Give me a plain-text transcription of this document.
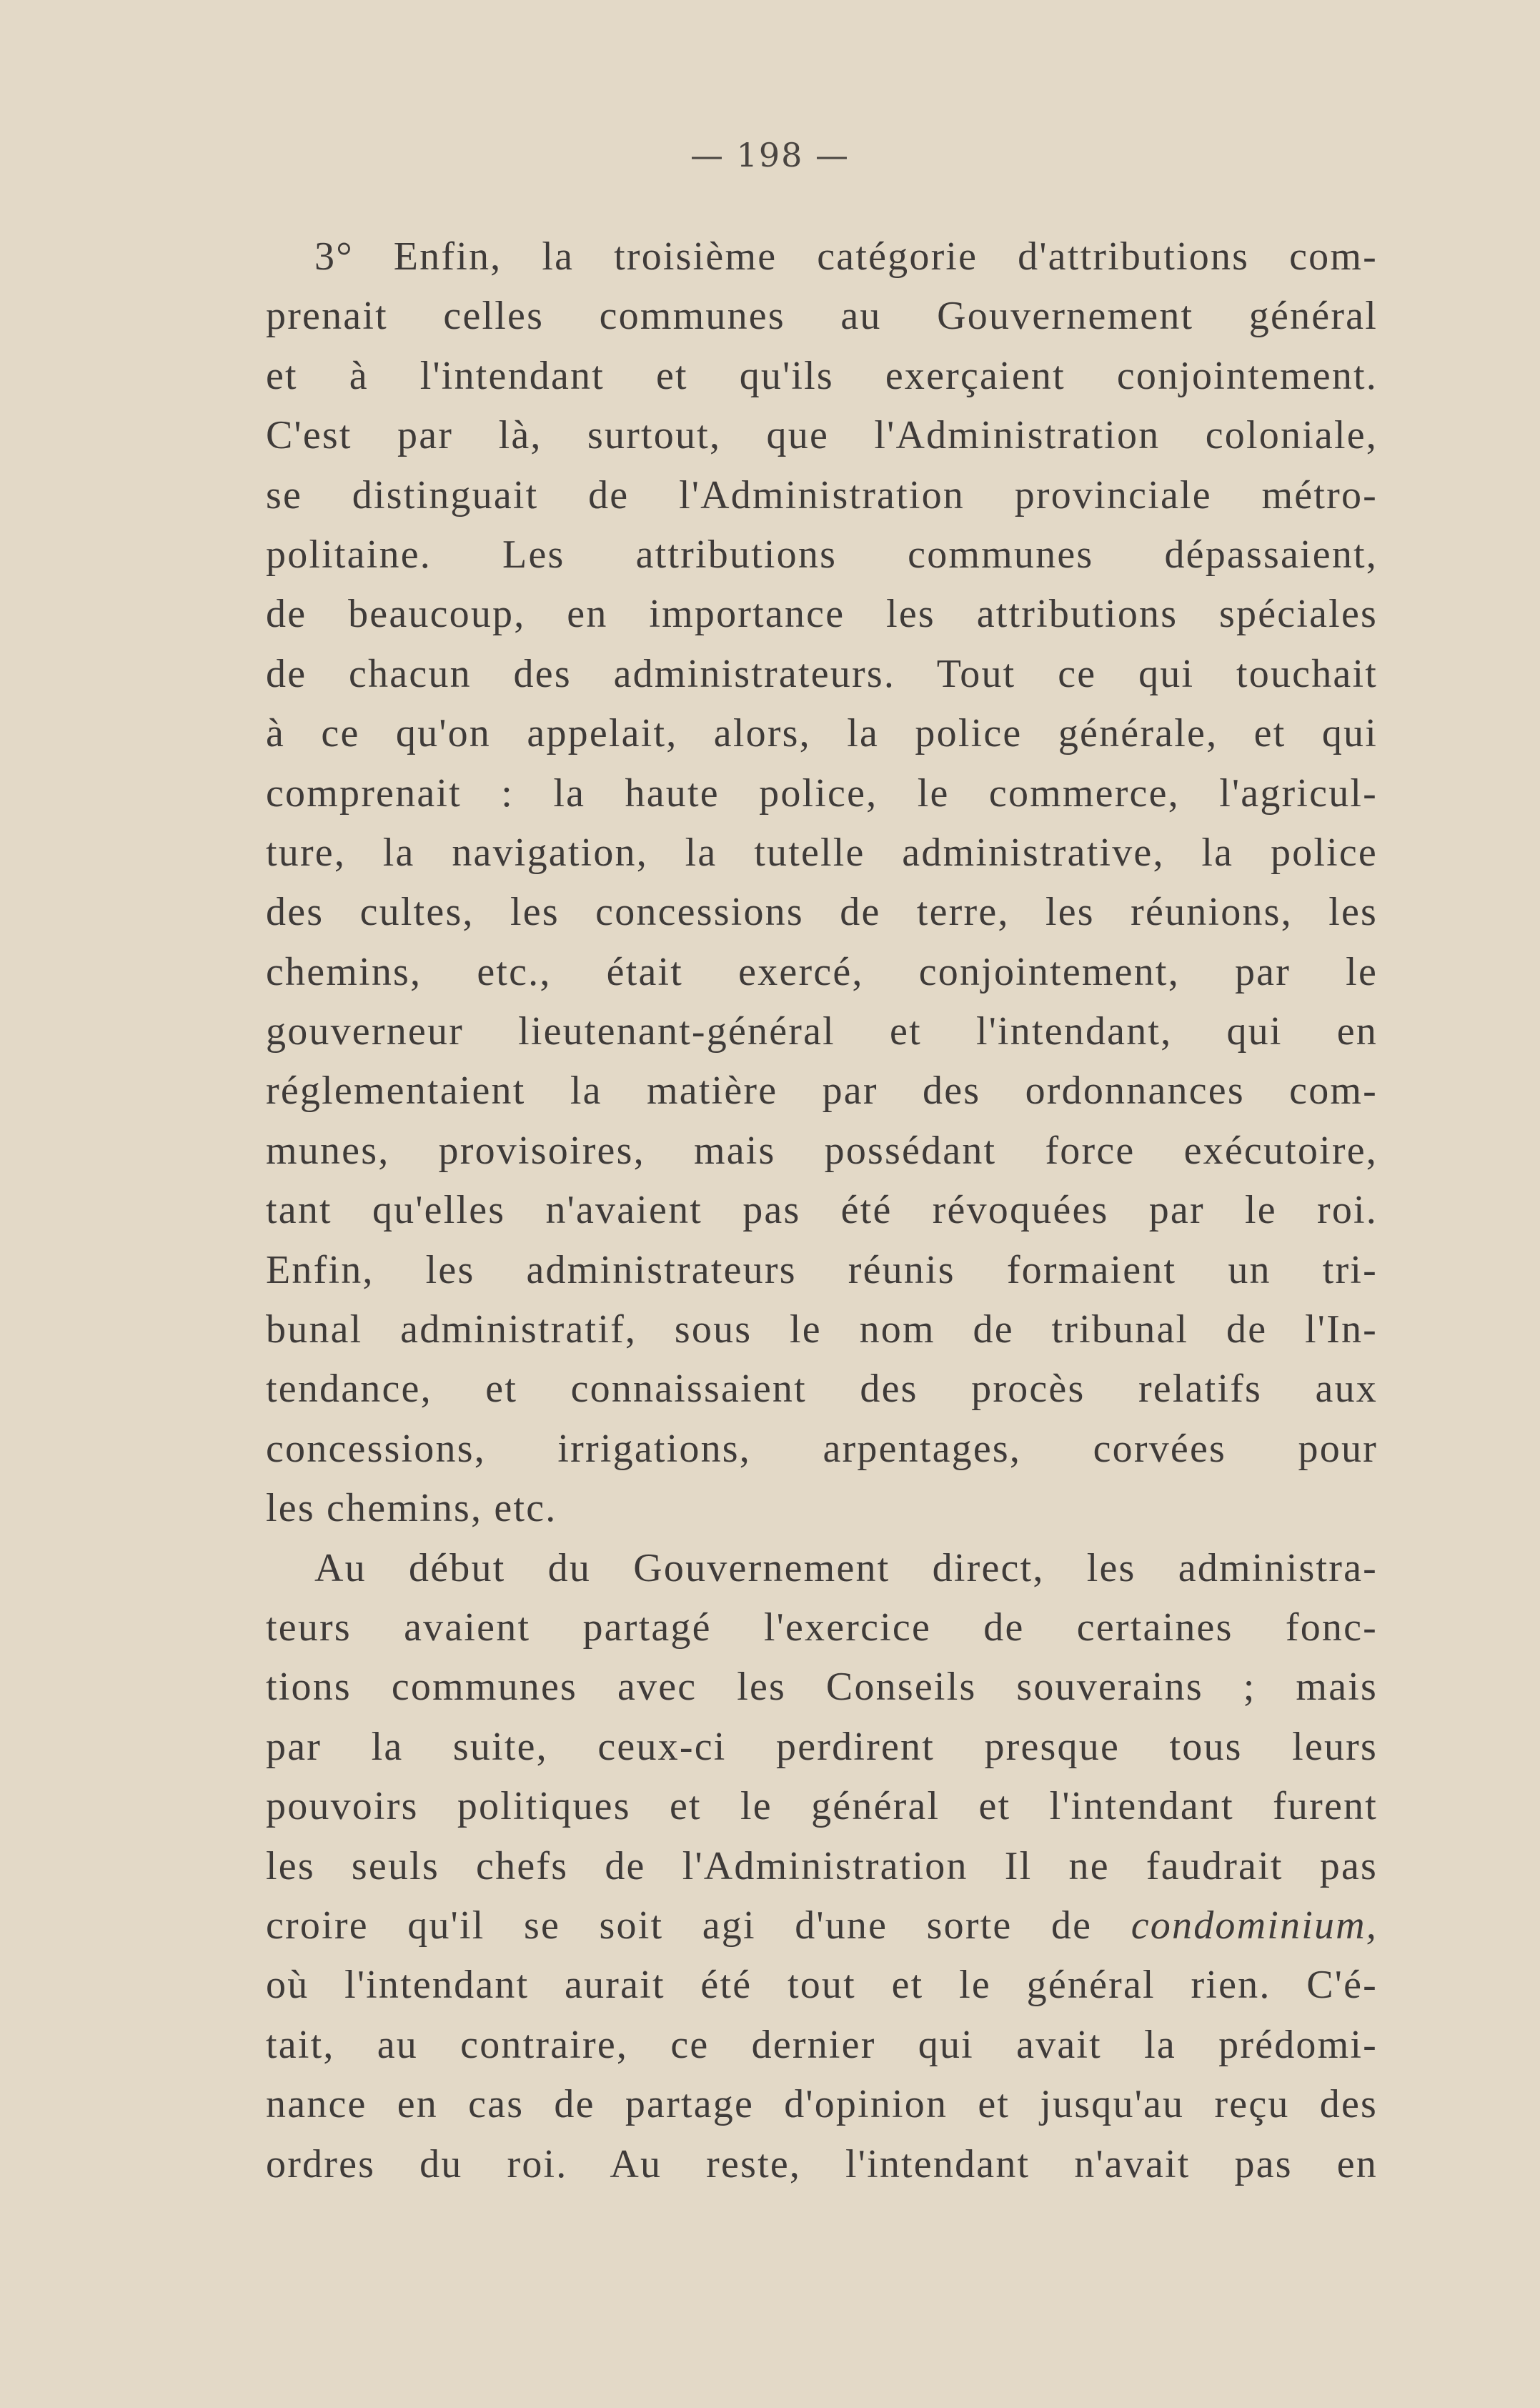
— 198 —
3° Enfin, la troisième catégorie d'attributions com-
prenait celles communes au Gouvernement général
et à l'intendant et qu'ils exerçaient conjointement.
C'est par là, surtout, que l'Administration coloniale,
se distinguait de l'Administration provinciale métro-
politaine. Les attributions communes dépassaient,
de beaucoup, en importance les attributions spéciales
de chacun des administrateurs. Tout ce qui touchait
à ce qu'on appelait, alors, la police générale, et qui
comprenait : la haute police, le commerce, l'agricul-
ture, la navigation, la tutelle administrative, la police
des cultes, les concessions de terre, les réunions, les
chemins, etc., était exercé, conjointement, par le
gouverneur lieutenant-général et l'intendant, qui en
réglementaient la matière par des ordonnances com-
munes, provisoires, mais possédant force exécutoire,
tant qu'elles n'avaient pas été révoquées par le roi.
Enfin, les administrateurs réunis formaient un tri-
bunal administratif, sous le nom de tribunal de l'In-
tendance, et connaissaient des procès relatifs aux
concessions, irrigations, arpentages, corvées pour
les chemins, etc.
Au début du Gouvernement direct, les administra-
teurs avaient partagé l'exercice de certaines fonc-
tions communes avec les Conseils souverains ; mais
par la suite, ceux-ci perdirent presque tous leurs
pouvoirs politiques et le général et l'intendant furent
les seuls chefs de l'Administration Il ne faudrait pas
croire qu'il se soit agi d'une sorte de condominium,
où l'intendant aurait été tout et le général rien. C'é-
tait, au contraire, ce dernier qui avait la prédomi-
nance en cas de partage d'opinion et jusqu'au reçu des
ordres du roi. Au reste, l'intendant n'avait pas en
